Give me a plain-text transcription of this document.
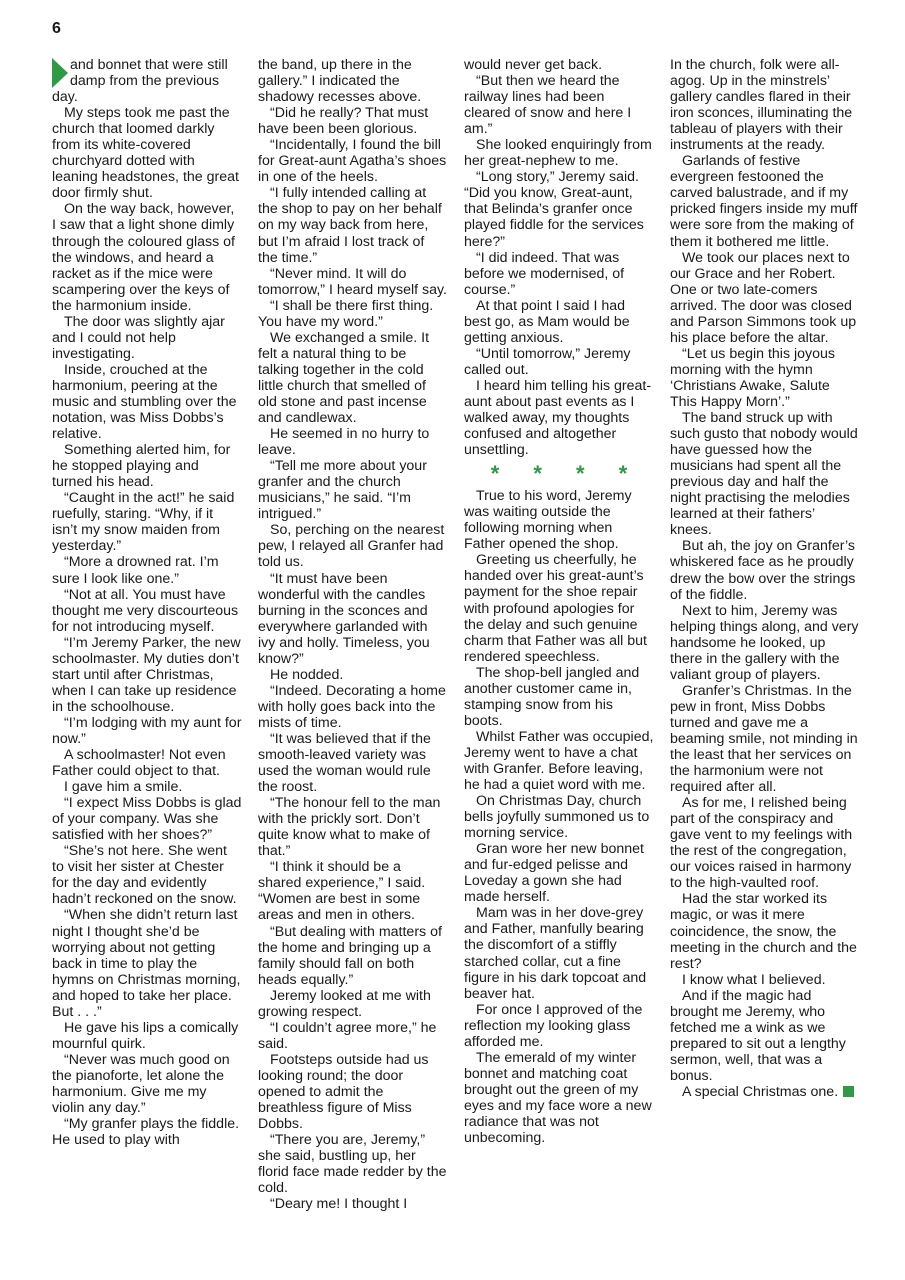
6

and bonnet that were still damp from the previous day.

My steps took me past the church that loomed darkly from its white-covered churchyard dotted with leaning headstones, the great door firmly shut.

On the way back, however, I saw that a light shone dimly through the coloured glass of the windows, and heard a racket as if the mice were scampering over the keys of the harmonium inside.

The door was slightly ajar and I could not help investigating.

Inside, crouched at the harmonium, peering at the music and stumbling over the notation, was Miss Dobbs’s relative.

Something alerted him, for he stopped playing and turned his head.

“Caught in the act!” he said ruefully, staring. “Why, if it isn’t my snow maiden from yesterday.”

“More a drowned rat. I’m sure I look like one.”

“Not at all. You must have thought me very discourteous for not introducing myself.

“I’m Jeremy Parker, the new schoolmaster. My duties don’t start until after Christmas, when I can take up residence in the schoolhouse.

“I’m lodging with my aunt for now.”

A schoolmaster! Not even Father could object to that.

I gave him a smile.

“I expect Miss Dobbs is glad of your company. Was she satisfied with her shoes?”

“She’s not here. She went to visit her sister at Chester for the day and evidently hadn’t reckoned on the snow.

“When she didn’t return last night I thought she’d be worrying about not getting back in time to play the hymns on Christmas morning, and hoped to take her place. But . . .”

He gave his lips a comically mournful quirk.

“Never was much good on the pianoforte, let alone the harmonium. Give me my violin any day.”

“My granfer plays the fiddle. He used to play with

the band, up there in the gallery.” I indicated the shadowy recesses above.

“Did he really? That must have been been glorious.

“Incidentally, I found the bill for Great-aunt Agatha’s shoes in one of the heels.

“I fully intended calling at the shop to pay on her behalf on my way back from here, but I’m afraid I lost track of the time.”

“Never mind. It will do tomorrow,” I heard myself say.

“I shall be there first thing. You have my word.”

We exchanged a smile. It felt a natural thing to be talking together in the cold little church that smelled of old stone and past incense and candlewax.

He seemed in no hurry to leave.

“Tell me more about your granfer and the church musicians,” he said. “I’m intrigued.”

So, perching on the nearest pew, I relayed all Granfer had told us.

“It must have been wonderful with the candles burning in the sconces and everywhere garlanded with ivy and holly. Timeless, you know?”

He nodded.

“Indeed. Decorating a home with holly goes back into the mists of time.

“It was believed that if the smooth-leaved variety was used the woman would rule the roost.

“The honour fell to the man with the prickly sort. Don’t quite know what to make of that.”

“I think it should be a shared experience,” I said. “Women are best in some areas and men in others.

“But dealing with matters of the home and bringing up a family should fall on both heads equally.”

Jeremy looked at me with growing respect.

“I couldn’t agree more,” he said.

Footsteps outside had us looking round; the door opened to admit the breathless figure of Miss Dobbs.

“There you are, Jeremy,” she said, bustling up, her florid face made redder by the cold.

“Deary me! I thought I

would never get back.

“But then we heard the railway lines had been cleared of snow and here I am.”

She looked enquiringly from her great-nephew to me.

“Long story,” Jeremy said. “Did you know, Great-aunt, that Belinda’s granfer once played fiddle for the services here?”

“I did indeed. That was before we modernised, of course.”

At that point I said I had best go, as Mam would be getting anxious.

“Until tomorrow,” Jeremy called out.

I heard him telling his great-aunt about past events as I walked away, my thoughts confused and altogether unsettling.

* * * *

True to his word, Jeremy was waiting outside the following morning when Father opened the shop.

Greeting us cheerfully, he handed over his great-aunt’s payment for the shoe repair with profound apologies for the delay and such genuine charm that Father was all but rendered speechless.

The shop-bell jangled and another customer came in, stamping snow from his boots.

Whilst Father was occupied, Jeremy went to have a chat with Granfer. Before leaving, he had a quiet word with me.

On Christmas Day, church bells joyfully summoned us to morning service.

Gran wore her new bonnet and fur-edged pelisse and Loveday a gown she had made herself.

Mam was in her dove-grey and Father, manfully bearing the discomfort of a stiffly starched collar, cut a fine figure in his dark topcoat and beaver hat.

For once I approved of the reflection my looking glass afforded me.

The emerald of my winter bonnet and matching coat brought out the green of my eyes and my face wore a new radiance that was not unbecoming.

In the church, folk were all-agog. Up in the minstrels’ gallery candles flared in their iron sconces, illuminating the tableau of players with their instruments at the ready.

Garlands of festive evergreen festooned the carved balustrade, and if my pricked fingers inside my muff were sore from the making of them it bothered me little.

We took our places next to our Grace and her Robert. One or two late-comers arrived. The door was closed and Parson Simmons took up his place before the altar.

“Let us begin this joyous morning with the hymn ‘Christians Awake, Salute This Happy Morn’.”

The band struck up with such gusto that nobody would have guessed how the musicians had spent all the previous day and half the night practising the melodies learned at their fathers’ knees.

But ah, the joy on Granfer’s whiskered face as he proudly drew the bow over the strings of the fiddle.

Next to him, Jeremy was helping things along, and very handsome he looked, up there in the gallery with the valiant group of players.

Granfer’s Christmas. In the pew in front, Miss Dobbs turned and gave me a beaming smile, not minding in the least that her services on the harmonium were not required after all.

As for me, I relished being part of the conspiracy and gave vent to my feelings with the rest of the congregation, our voices raised in harmony to the high-vaulted roof.

Had the star worked its magic, or was it mere coincidence, the snow, the meeting in the church and the rest?

I know what I believed.

And if the magic had brought me Jeremy, who fetched me a wink as we prepared to sit out a lengthy sermon, well, that was a bonus.

A special Christmas one.
